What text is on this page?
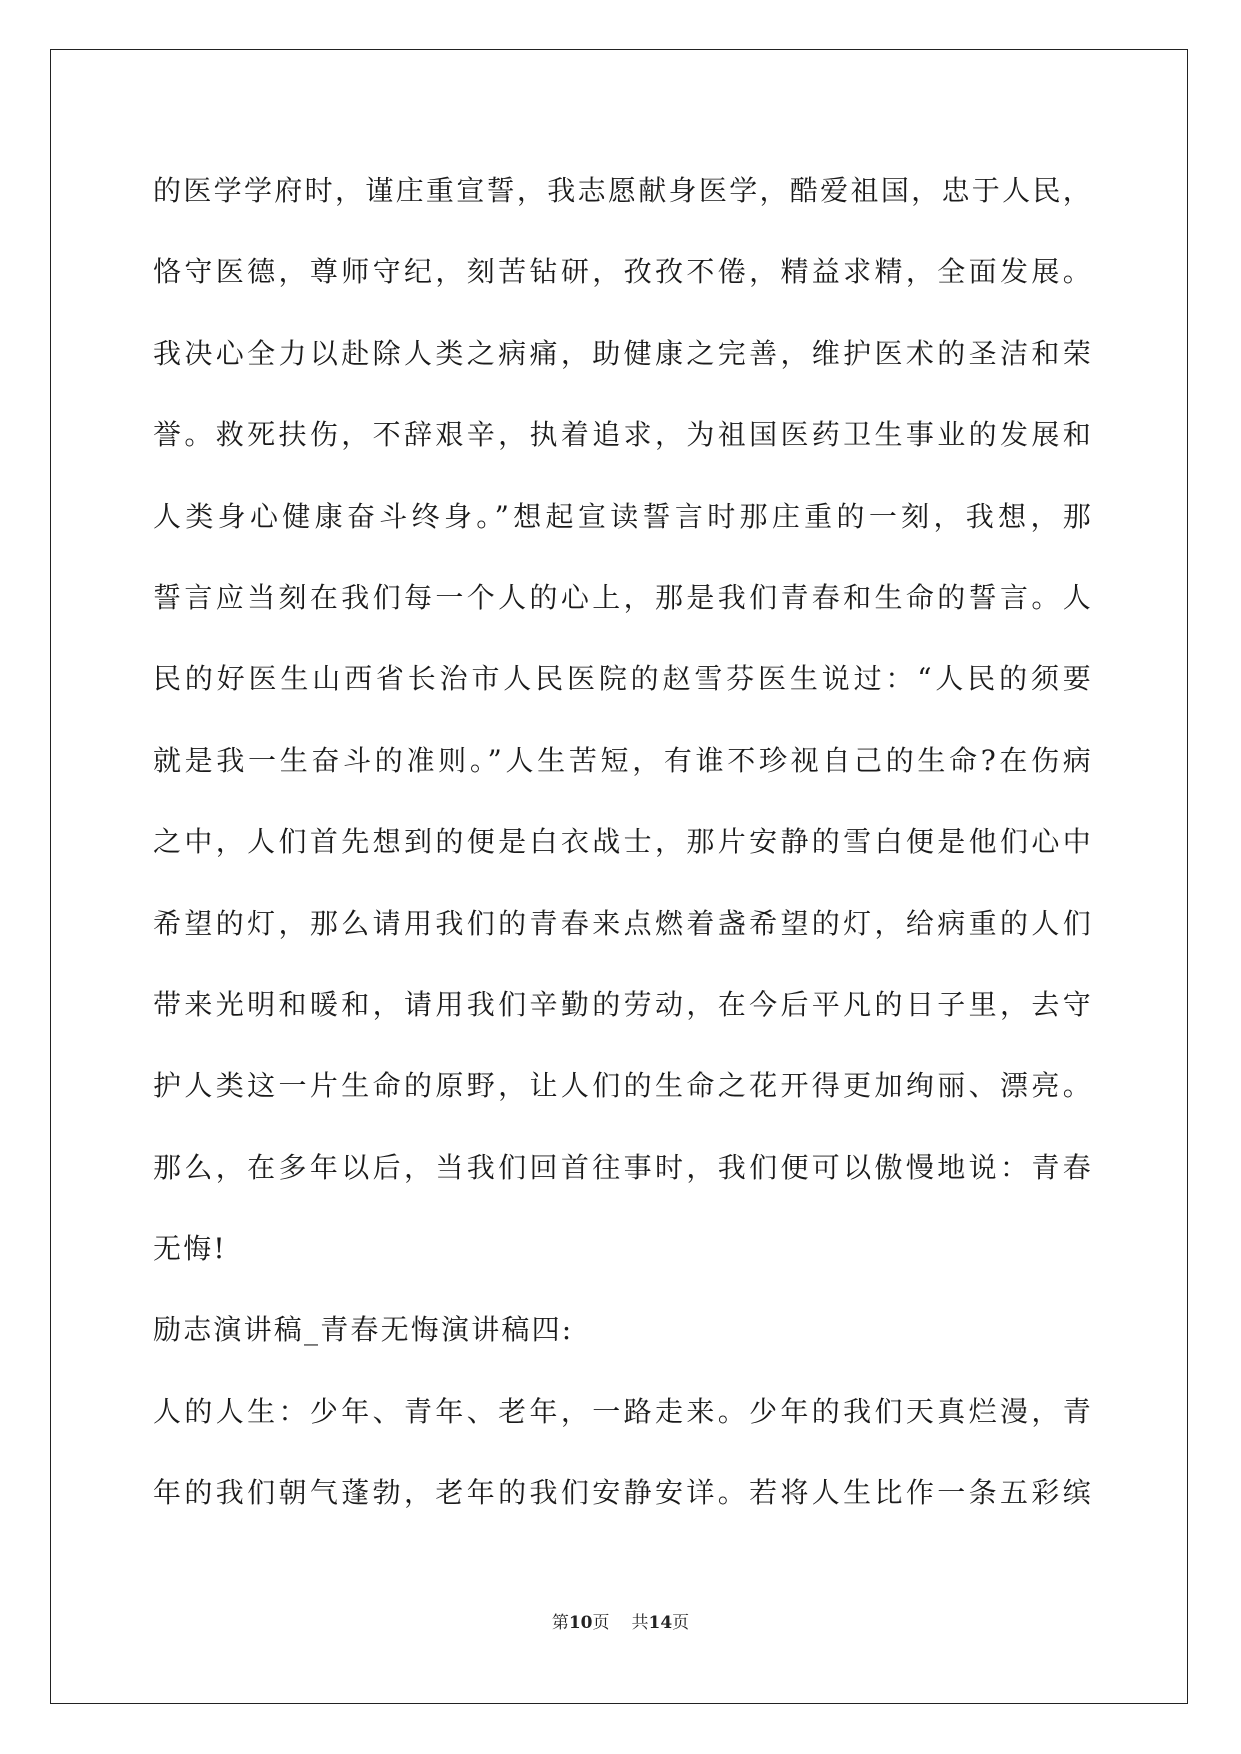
的医学学府时，谨庄重宣誓，我志愿献身医学，酷爱祖国，忠于人民，
恪守医德，尊师守纪，刻苦钻研，孜孜不倦，精益求精，全面发展。
我决心全力以赴除人类之病痛，助健康之完善，维护医术的圣洁和荣
誉。救死扶伤，不辞艰辛，执着追求，为祖国医药卫生事业的发展和
人类身心健康奋斗终身。”想起宣读誓言时那庄重的一刻，我想，那
誓言应当刻在我们每一个人的心上，那是我们青春和生命的誓言。人
民的好医生山西省长治市人民医院的赵雪芬医生说过：“人民的须要
就是我一生奋斗的准则。”人生苦短，有谁不珍视自己的生命?在伤病
之中，人们首先想到的便是白衣战士，那片安静的雪白便是他们心中
希望的灯，那么请用我们的青春来点燃着盏希望的灯，给病重的人们
带来光明和暖和，请用我们辛勤的劳动，在今后平凡的日子里，去守
护人类这一片生命的原野，让人们的生命之花开得更加绚丽、漂亮。
那么，在多年以后，当我们回首往事时，我们便可以傲慢地说：青春
无悔!
励志演讲稿_青春无悔演讲稿四:
人的人生：少年、青年、老年，一路走来。少年的我们天真烂漫，青
年的我们朝气蓬勃，老年的我们安静安详。若将人生比作一条五彩缤
第10页 共14页
